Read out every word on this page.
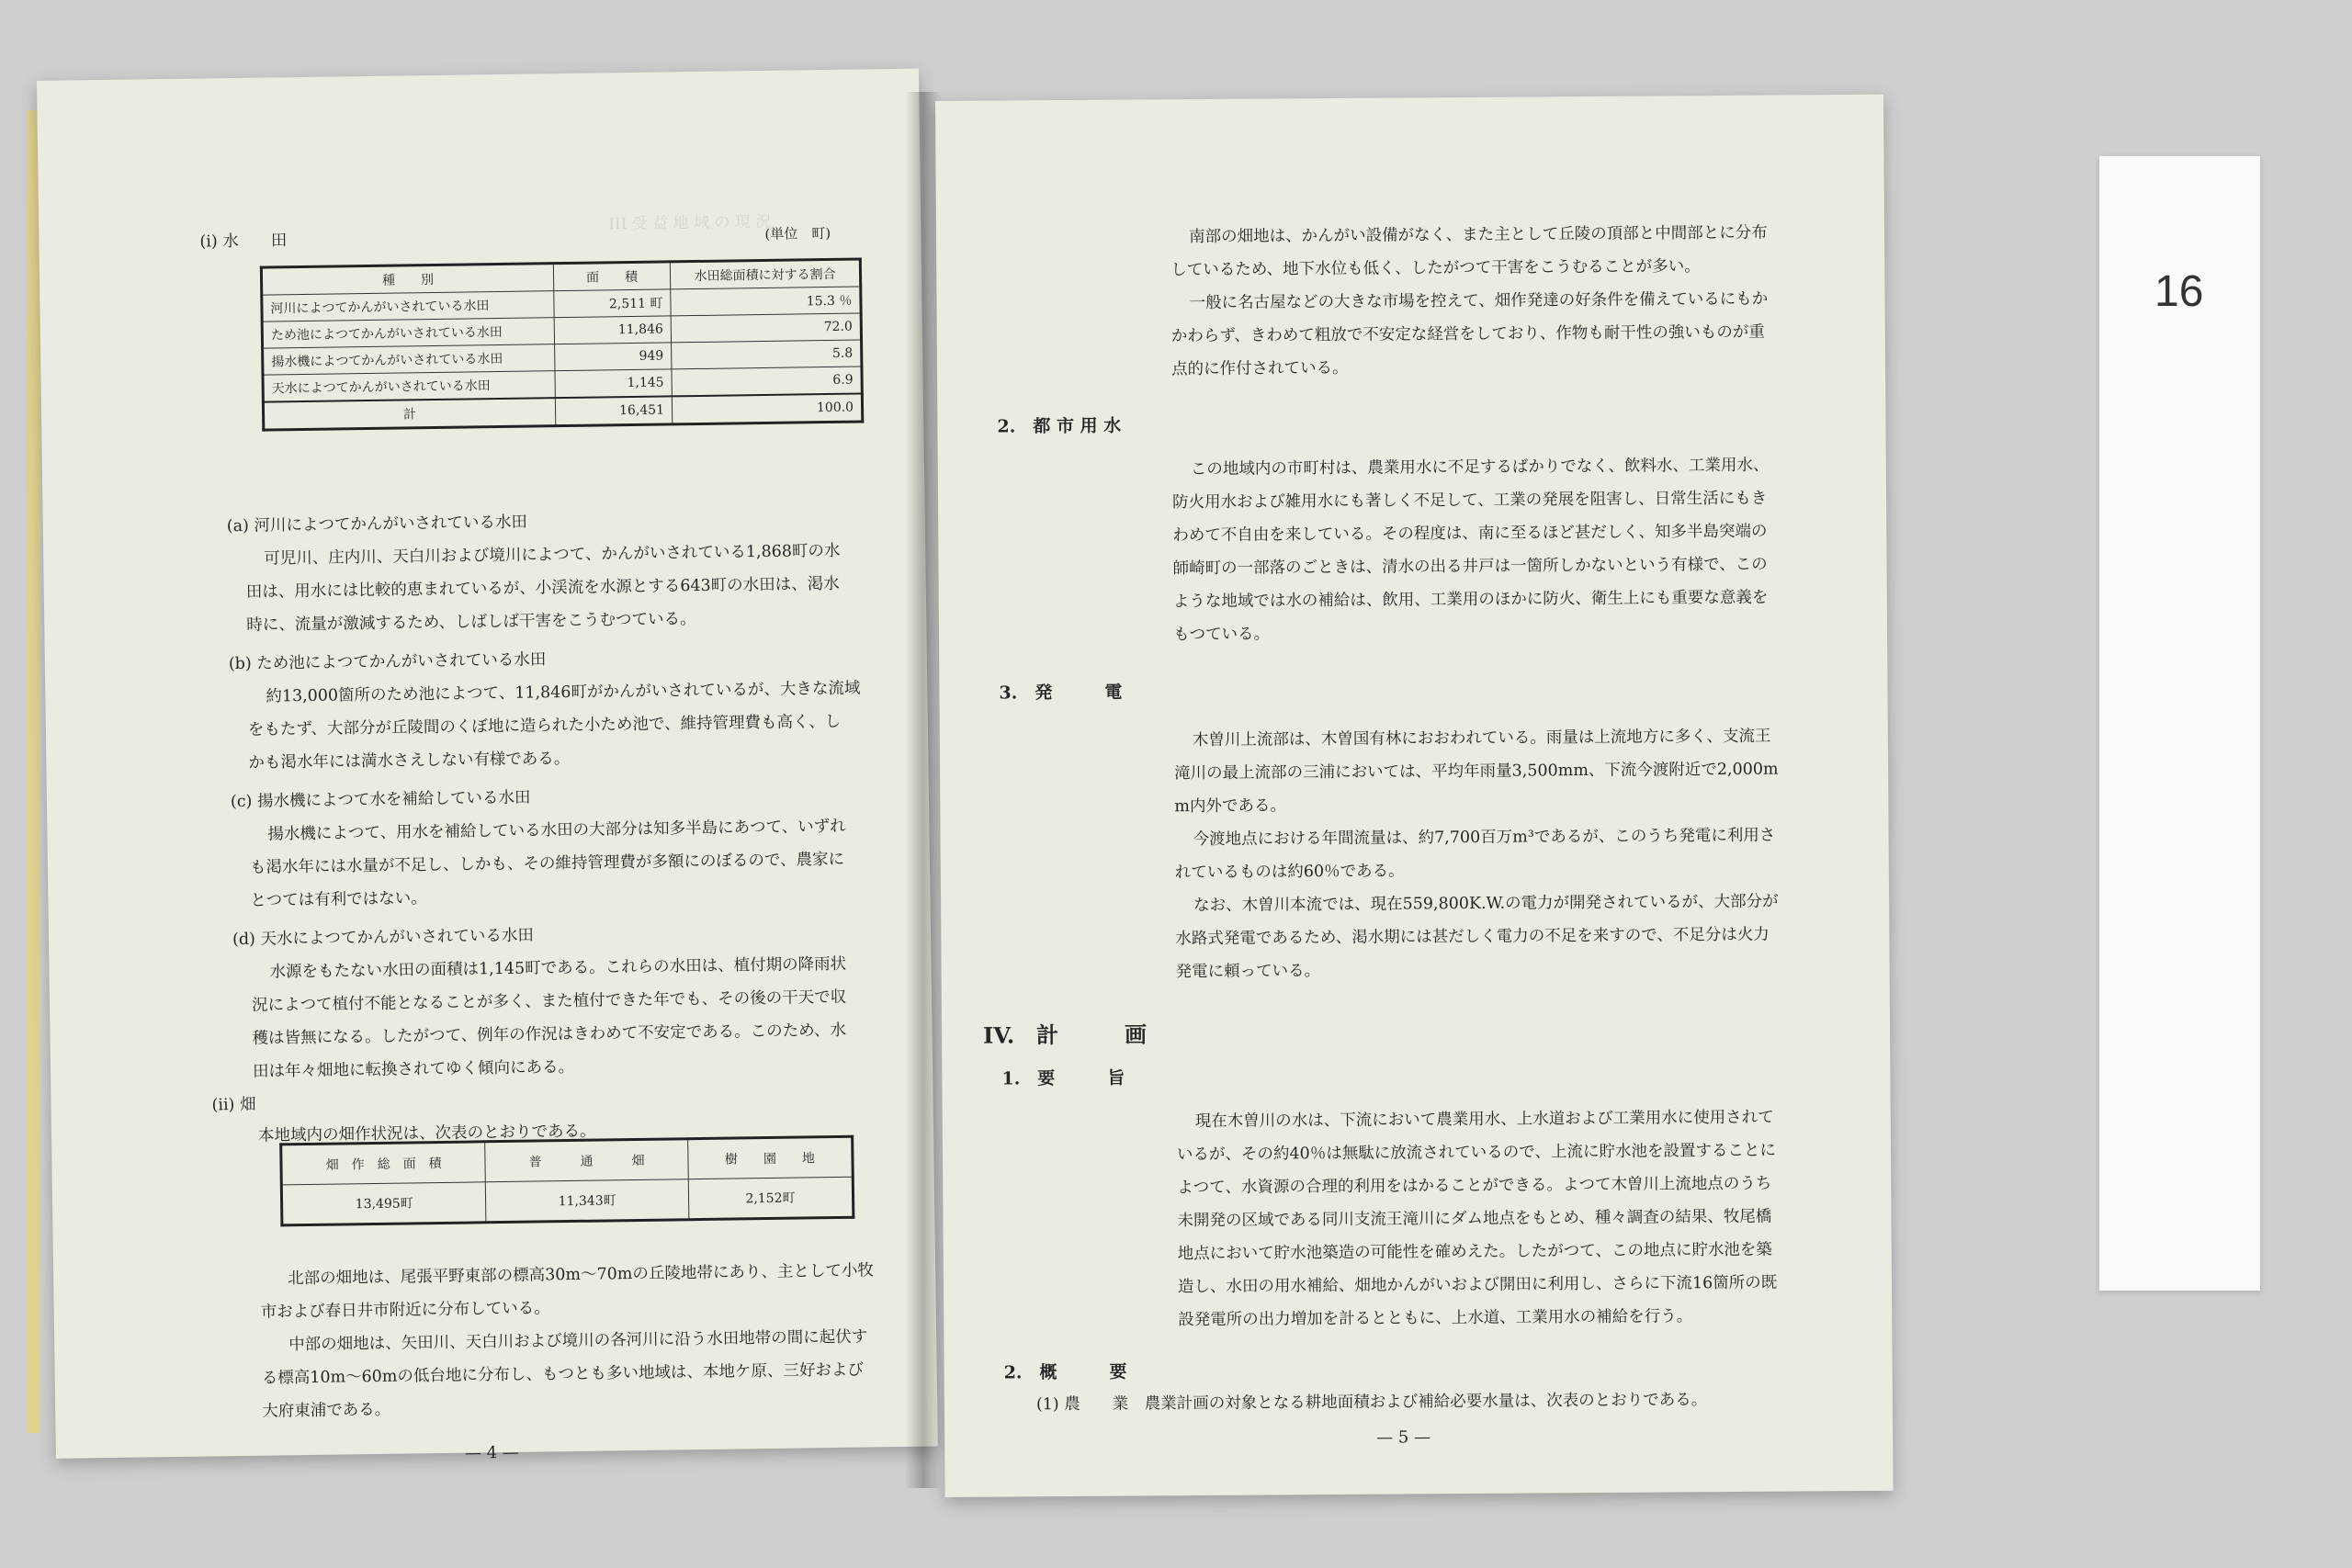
III 受 益 地 域 の 現 況
(i) 水　　田	(単位　町)
種　　別	面　　積	水田総面積に対する割合
河川によつてかんがいされている水田	2,511 町	15.3 ％
ため池によつてかんがいされている水田	11,846	72.0
揚水機によつてかんがいされている水田	949	5.8
天水によつてかんがいされている水田	1,145	6.9
計	16,451	100.0
(a) 河川によつてかんがいされている水田
可児川、庄内川、天白川および境川によつて、かんがいされている1,868町の水
田は、用水には比較的恵まれているが、小渓流を水源とする643町の水田は、渇水
時に、流量が激減するため、しばしば干害をこうむつている。
(b) ため池によつてかんがいされている水田
約13,000箇所のため池によつて、11,846町がかんがいされているが、大きな流域
をもたず、大部分が丘陵間のくぼ地に造られた小ため池で、維持管理費も高く、し
かも渇水年には満水さえしない有様である。
(c) 揚水機によつて水を補給している水田
揚水機によつて、用水を補給している水田の大部分は知多半島にあつて、いずれ
も渇水年には水量が不足し、しかも、その維持管理費が多額にのぼるので、農家に
とつては有利ではない。
(d) 天水によつてかんがいされている水田
水源をもたない水田の面積は1,145町である。これらの水田は、植付期の降雨状
況によつて植付不能となることが多く、また植付できた年でも、その後の干天で収
穫は皆無になる。したがつて、例年の作況はきわめて不安定である。このため、水
田は年々畑地に転換されてゆく傾向にある。
(ii) 畑
本地域内の畑作状況は、次表のとおりである。
畑　作　総　面　積	普　　　通　　　畑	樹　　園　　地
13,495町	11,343町	2,152町
北部の畑地は、尾張平野東部の標高30m～70mの丘陵地帯にあり、主として小牧
市および春日井市附近に分布している。
中部の畑地は、矢田川、天白川および境川の各河川に沿う水田地帯の間に起伏す
る標高10m～60mの低台地に分布し、もつとも多い地域は、本地ケ原、三好および
大府東浦である。
— 4 —
南部の畑地は、かんがい設備がなく、また主として丘陵の頂部と中間部とに分布
しているため、地下水位も低く、したがつて干害をこうむることが多い。
一般に名古屋などの大きな市場を控えて、畑作発達の好条件を備えているにもか
かわらず、きわめて粗放で不安定な経営をしており、作物も耐干性の強いものが重
点的に作付されている。
2.　都 市 用 水
この地域内の市町村は、農業用水に不足するばかりでなく、飲料水、工業用水、
防火用水および雑用水にも著しく不足して、工業の発展を阻害し、日常生活にもき
わめて不自由を来している。その程度は、南に至るほど甚だしく、知多半島突端の
師崎町の一部落のごときは、清水の出る井戸は一箇所しかないという有様で、この
ような地域では水の補給は、飲用、工業用のほかに防火、衛生上にも重要な意義を
もつている。
3.　発　　　電
木曽川上流部は、木曽国有林におおわれている。雨量は上流地方に多く、支流王
滝川の最上流部の三浦においては、平均年雨量3,500mm、下流今渡附近で2,000m
m内外である。
今渡地点における年間流量は、約7,700百万m³であるが、このうち発電に利用さ
れているものは約60％である。
なお、木曽川本流では、現在559,800K.W.の電力が開発されているが、大部分が
水路式発電であるため、渇水期には甚だしく電力の不足を来すので、不足分は火力
発電に頼っている。
IV.　計　　　画
1.　要　　　旨
現在木曽川の水は、下流において農業用水、上水道および工業用水に使用されて
いるが、その約40％は無駄に放流されているので、上流に貯水池を設置することに
よつて、水資源の合理的利用をはかることができる。よつて木曽川上流地点のうち
未開発の区域である同川支流王滝川にダム地点をもとめ、種々調査の結果、牧尾橋
地点において貯水池築造の可能性を確めえた。したがつて、この地点に貯水池を築
造し、水田の用水補給、畑地かんがいおよび開田に利用し、さらに下流16箇所の既
設発電所の出力増加を計るとともに、上水道、工業用水の補給を行う。
2.　概　　　要
(1) 農　　業　農業計画の対象となる耕地面積および補給必要水量は、次表のとおりである。
— 5 —
16
